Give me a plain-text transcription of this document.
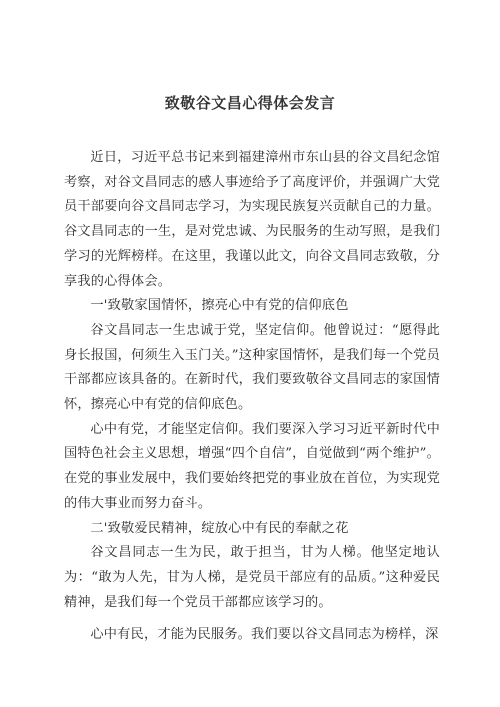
致敬谷文昌心得体会发言

近日，习近平总书记来到福建漳州市东山县的谷文昌纪念馆考察，对谷文昌同志的感人事迹给予了高度评价，并强调广大党员干部要向谷文昌同志学习，为实现民族复兴贡献自己的力量。谷文昌同志的一生，是对党忠诚、为民服务的生动写照，是我们学习的光辉榜样。在这里，我谨以此文，向谷文昌同志致敬，分享我的心得体会。

一'致敬家国情怀，擦亮心中有党的信仰底色

谷文昌同志一生忠诚于党，坚定信仰。他曾说过：“愿得此身长报国，何须生入玉门关。”这种家国情怀，是我们每一个党员干部都应该具备的。在新时代，我们要致敬谷文昌同志的家国情怀，擦亮心中有党的信仰底色。

心中有党，才能坚定信仰。我们要深入学习习近平新时代中国特色社会主义思想，增强“四个自信”，自觉做到“两个维护”。在党的事业发展中，我们要始终把党的事业放在首位，为实现党的伟大事业而努力奋斗。

二'致敬爱民精神，绽放心中有民的奉献之花

谷文昌同志一生为民，敢于担当，甘为人梯。他坚定地认为：“敢为人先，甘为人梯，是党员干部应有的品质。”这种爱民精神，是我们每一个党员干部都应该学习的。

心中有民，才能为民服务。我们要以谷文昌同志为榜样，深
